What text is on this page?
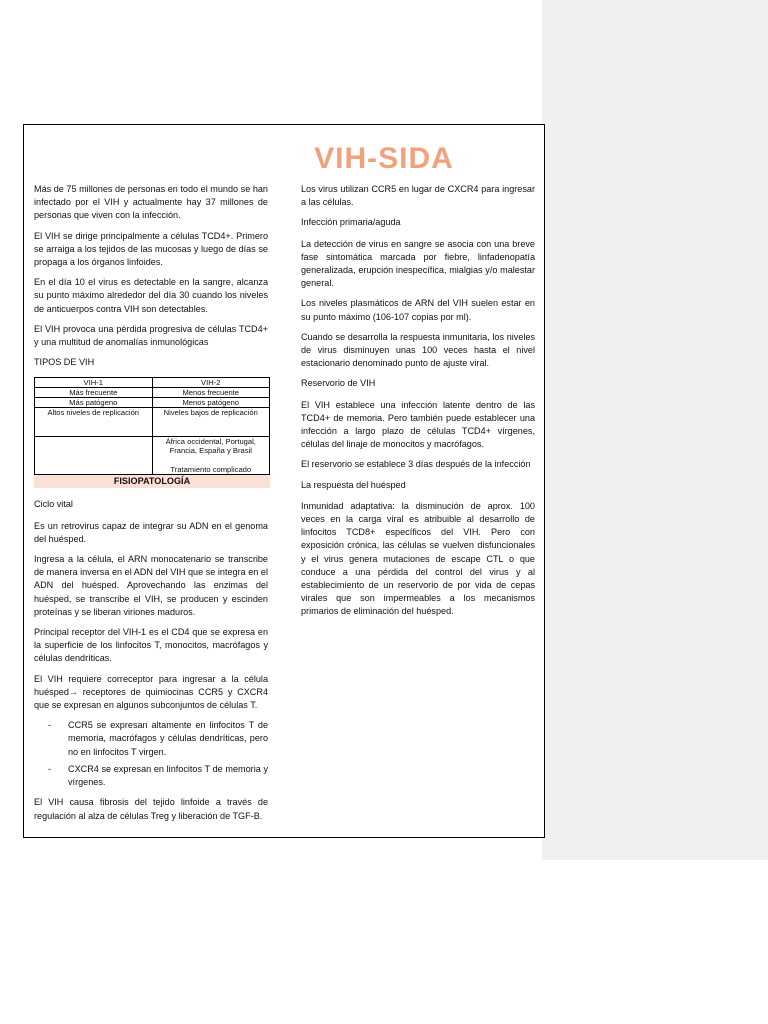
VIH-SIDA

Más de 75 millones de personas en todo el mundo se han infectado por el VIH y actualmente hay 37 millones de personas que viven con la infección.

El VIH se dirige principalmente a células TCD4+. Primero se arraiga a los tejidos de las mucosas y luego de días se propaga a los órganos linfoides.

En el día 10 el virus es detectable en la sangre, alcanza su punto máximo alrededor del día 30 cuando los niveles de anticuerpos contra VIH son detectables.

El VIH provoca una pérdida progresiva de células TCD4+ y una multitud de anomalías inmunológicas

TIPOS DE VIH

VIH-1	VIH-2
Más frecuente	Menos frecuente
Más patógeno	Menos patógeno
Altos niveles de replicación	Niveles bajos de replicación
	África occidental, Portugal, Francia, España y Brasil
	Tratamiento complicado
FISIOPATOLOGÍA

Ciclo vital

Es un retrovirus capaz de integrar su ADN en el genoma del huésped.

Ingresa a la célula, el ARN monocatenario se transcribe de manera inversa en el ADN del VIH que se integra en el ADN del huésped. Aprovechando las enzimas del huésped, se transcribe el VIH, se producen y escinden proteínas y se liberan viriones maduros.

Principal receptor del VIH-1 es el CD4 que se expresa en la superficie de los linfocitos T, monocitos, macrófagos y células dendríticas.

El VIH requiere correceptor para ingresar a la célula huésped→ receptores de quimiocinas CCR5 y CXCR4 que se expresan en algunos subconjuntos de células T.

- CCR5 se expresan altamente en linfocitos T de memoria, macrófagos y células dendríticas, pero no en linfocitos T virgen.
- CXCR4 se expresan en linfocitos T de memoria y vírgenes.

El VIH causa fibrosis del tejido linfoide a través de regulación al alza de células Treg y liberación de TGF-B.

Los virus utilizan CCR5 en lugar de CXCR4 para ingresar a las células.

Infección primaria/aguda

La detección de virus en sangre se asocia con una breve fase sintomática marcada por fiebre, linfadenopatía generalizada, erupción inespecífica, mialgias y/o malestar general.

Los niveles plasmáticos de ARN del VIH suelen estar en su punto máximo (106-107 copias por ml).

Cuando se desarrolla la respuesta inmunitaria, los niveles de virus disminuyen unas 100 veces hasta el nivel estacionario denominado punto de ajuste viral.

Reservorio de VIH

El VIH establece una infección latente dentro de las TCD4+ de memoria. Pero también puede establecer una infección a largo plazo de células TCD4+ vírgenes, células del linaje de monocitos y macrófagos.

El reservorio se establece 3 días después de la infección

La respuesta del huésped

Inmunidad adaptativa: la disminución de aprox. 100 veces en la carga viral es atribuible al desarrollo de linfocitos TCD8+ específicos del VIH. Pero con exposición crónica, las células se vuelven disfuncionales y el virus genera mutaciones de escape CTL o que conduce a una pérdida del control del virus y al establecimiento de un reservorio de por vida de cepas virales que son impermeables a los mecanismos primarios de eliminación del huésped.
